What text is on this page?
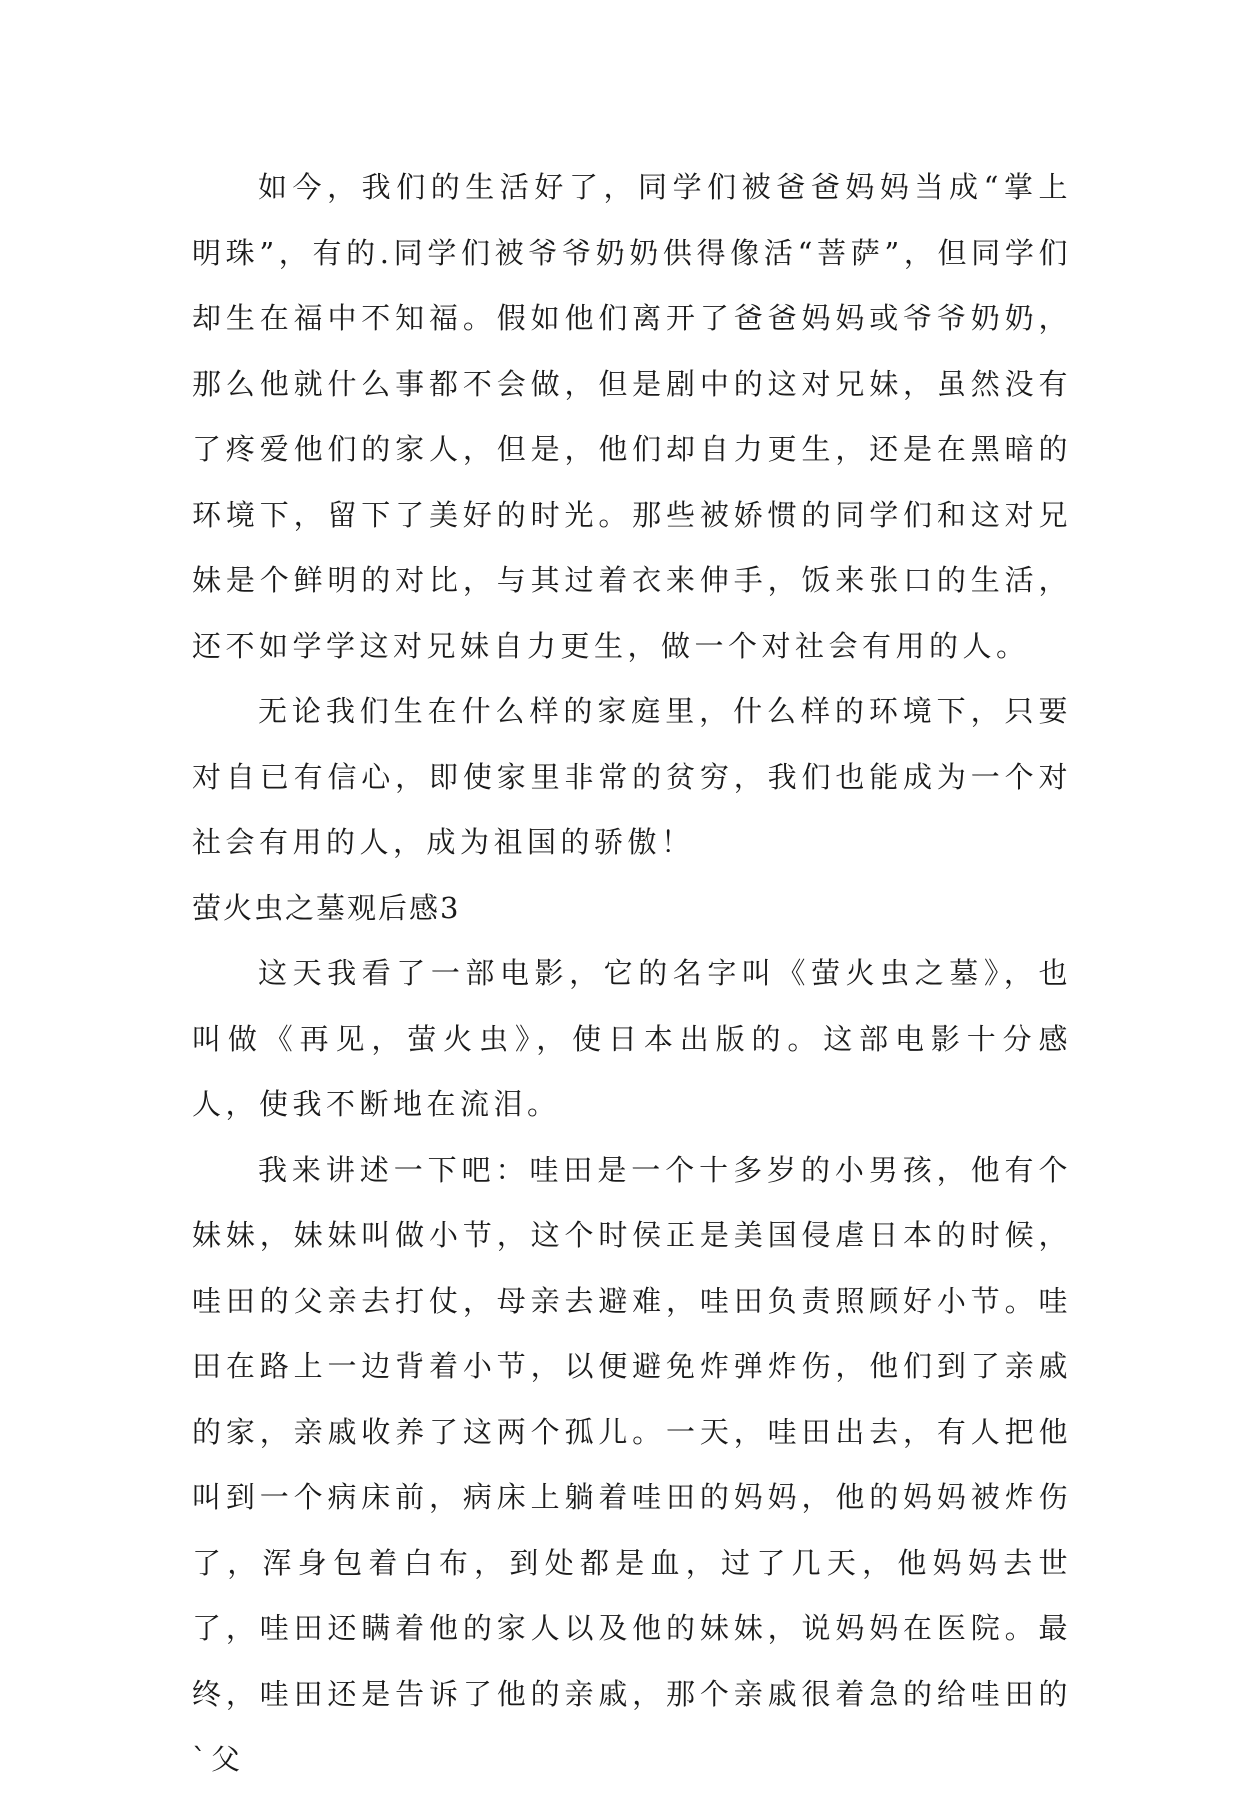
如今，我们的生活好了，同学们被爸爸妈妈当成“掌上明珠”，有的.同学们被爷爷奶奶供得像活“菩萨”，但同学们却生在福中不知福。假如他们离开了爸爸妈妈或爷爷奶奶，那么他就什么事都不会做，但是剧中的这对兄妹，虽然没有了疼爱他们的家人，但是，他们却自力更生，还是在黑暗的环境下，留下了美好的时光。那些被娇惯的同学们和这对兄妹是个鲜明的对比，与其过着衣来伸手，饭来张口的生活，还不如学学这对兄妹自力更生，做一个对社会有用的人。

无论我们生在什么样的家庭里，什么样的环境下，只要对自已有信心，即使家里非常的贫穷，我们也能成为一个对社会有用的人，成为祖国的骄傲！

萤火虫之墓观后感3

这天我看了一部电影，它的名字叫《萤火虫之墓》，也叫做《再见，萤火虫》，使日本出版的。这部电影十分感人，使我不断地在流泪。

我来讲述一下吧：哇田是一个十多岁的小男孩，他有个妹妹，妹妹叫做小节，这个时侯正是美国侵虐日本的时候，哇田的父亲去打仗，母亲去避难，哇田负责照顾好小节。哇田在路上一边背着小节，以便避免炸弹炸伤，他们到了亲戚的家，亲戚收养了这两个孤儿。一天，哇田出去，有人把他叫到一个病床前，病床上躺着哇田的妈妈，他的妈妈被炸伤了，浑身包着白布，到处都是血，过了几天，他妈妈去世了，哇田还瞒着他的家人以及他的妹妹，说妈妈在医院。最终，哇田还是告诉了他的亲戚，那个亲戚很着急的给哇田的`父
